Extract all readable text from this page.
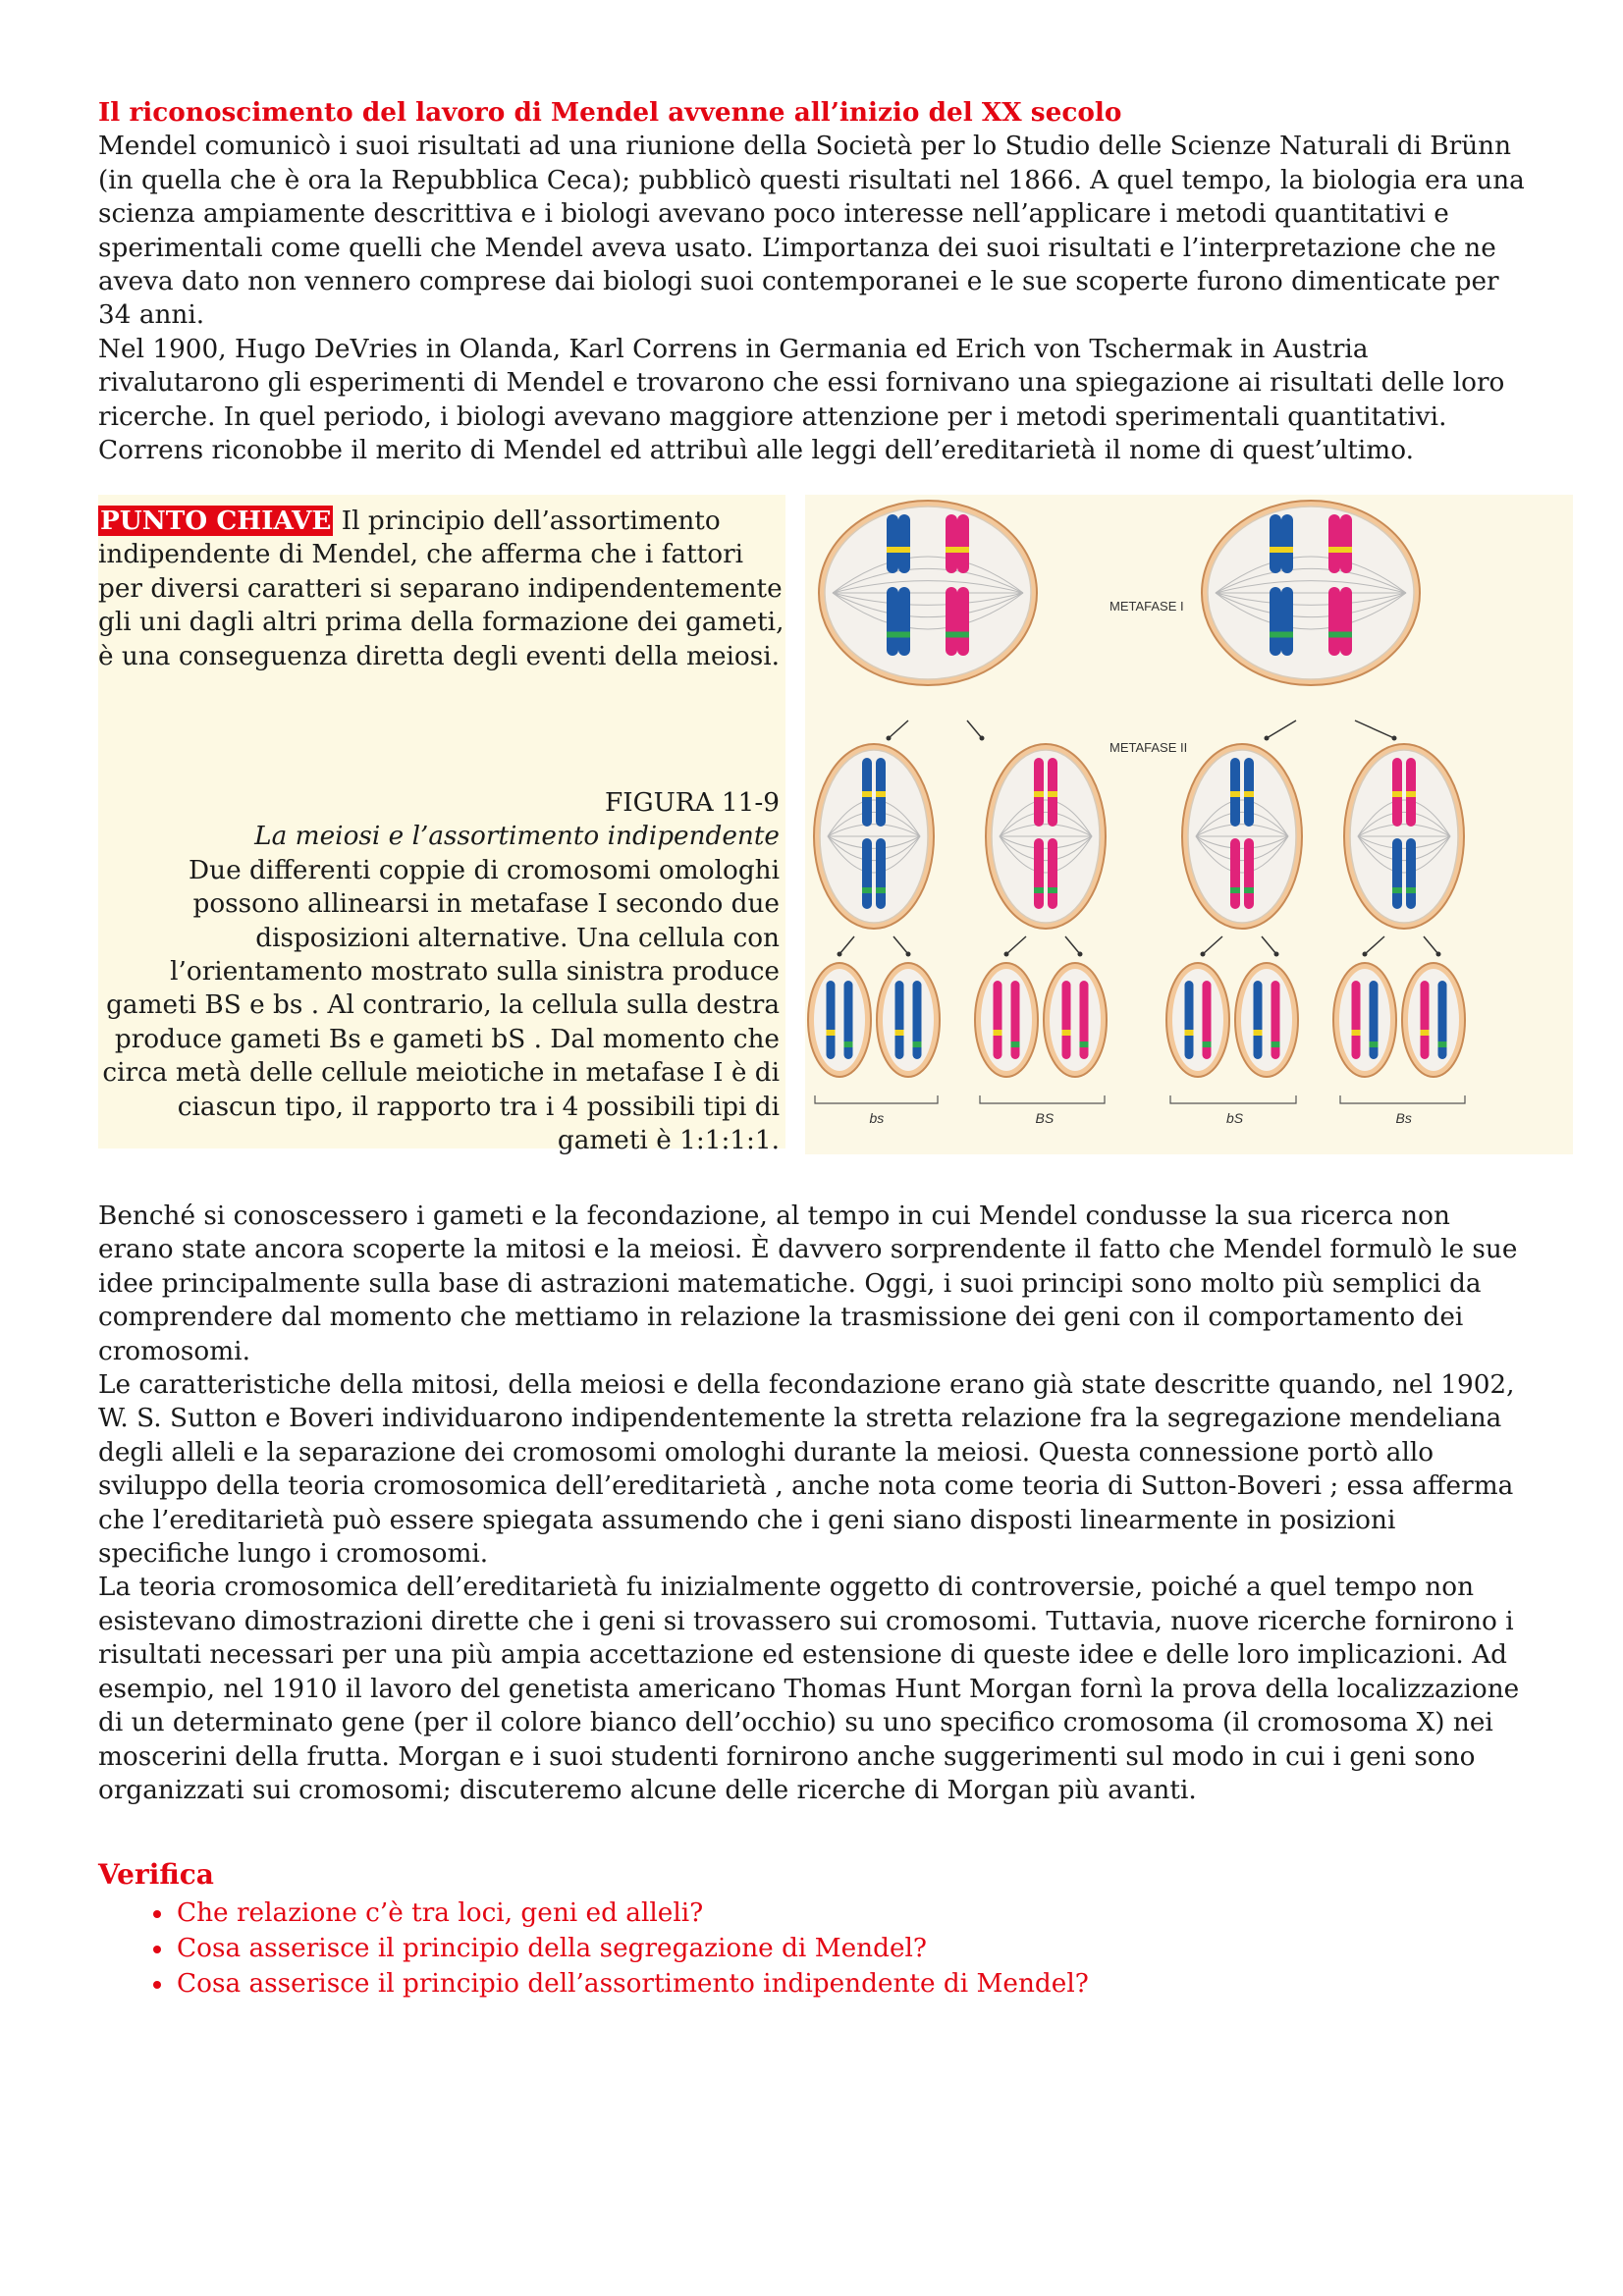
Il riconoscimento del lavoro di Mendel avvenne all’inizio del XX secolo

Mendel comunicò i suoi risultati ad una riunione della Società per lo Studio delle Scienze Naturali di Brünn (in quella che è ora la Repubblica Ceca); pubblicò questi risultati nel 1866. A quel tempo, la biologia era una scienza ampiamente descrittiva e i biologi avevano poco interesse nell’applicare i metodi quantitativi e sperimentali come quelli che Mendel aveva usato. L’importanza dei suoi risultati e l’interpretazione che ne aveva dato non vennero comprese dai biologi suoi contemporanei e le sue scoperte furono dimenticate per 34 anni.

Nel 1900, Hugo DeVries in Olanda, Karl Correns in Germania ed Erich von Tschermak in Austria rivalutarono gli esperimenti di Mendel e trovarono che essi fornivano una spiegazione ai risultati delle loro ricerche. In quel periodo, i biologi avevano maggiore attenzione per i metodi sperimentali quantitativi. Correns riconobbe il merito di Mendel ed attribuì alle leggi dell’ereditarietà il nome di quest’ultimo.

PUNTO CHIAVE Il principio dell’assortimento indipendente di Mendel, che afferma che i fattori per diversi caratteri si separano indipendentemente gli uni dagli altri prima della formazione dei gameti, è una conseguenza diretta degli eventi della meiosi.
FIGURA 11-9
La meiosi e l’assortimento indipendente
Due differenti coppie di cromosomi omologhi possono allinearsi in metafase I secondo due disposizioni alternative. Una cellula con l’orientamento mostrato sulla sinistra produce gameti BS e bs . Al contrario, la cellula sulla destra produce gameti Bs e gameti bS . Dal momento che circa metà delle cellule meiotiche in metafase I è di ciascun tipo, il rapporto tra i 4 possibili tipi di gameti è 1:1:1:1.
METAFASE I
METAFASE II
bs	BS	bS	Bs

Benché si conoscessero i gameti e la fecondazione, al tempo in cui Mendel condusse la sua ricerca non erano state ancora scoperte la mitosi e la meiosi. È davvero sorprendente il fatto che Mendel formulò le sue idee principalmente sulla base di astrazioni matematiche. Oggi, i suoi principi sono molto più semplici da comprendere dal momento che mettiamo in relazione la trasmissione dei geni con il comportamento dei cromosomi.

Le caratteristiche della mitosi, della meiosi e della fecondazione erano già state descritte quando, nel 1902, W. S. Sutton e Boveri individuarono indipendentemente la stretta relazione fra la segregazione mendeliana degli alleli e la separazione dei cromosomi omologhi durante la meiosi. Questa connessione portò allo sviluppo della teoria cromosomica dell’ereditarietà , anche nota come teoria di Sutton-Boveri ; essa afferma che l’ereditarietà può essere spiegata assumendo che i geni siano disposti linearmente in posizioni specifiche lungo i cromosomi.

La teoria cromosomica dell’ereditarietà fu inizialmente oggetto di controversie, poiché a quel tempo non esistevano dimostrazioni dirette che i geni si trovassero sui cromosomi. Tuttavia, nuove ricerche fornirono i risultati necessari per una più ampia accettazione ed estensione di queste idee e delle loro implicazioni. Ad esempio, nel 1910 il lavoro del genetista americano Thomas Hunt Morgan fornì la prova della localizzazione di un determinato gene (per il colore bianco dell’occhio) su uno specifico cromosoma (il cromosoma X) nei moscerini della frutta. Morgan e i suoi studenti fornirono anche suggerimenti sul modo in cui i geni sono organizzati sui cromosomi; discuteremo alcune delle ricerche di Morgan più avanti.

Verifica

• Che relazione c’è tra loci, geni ed alleli?
• Cosa asserisce il principio della segregazione di Mendel?
• Cosa asserisce il principio dell’assortimento indipendente di Mendel?
